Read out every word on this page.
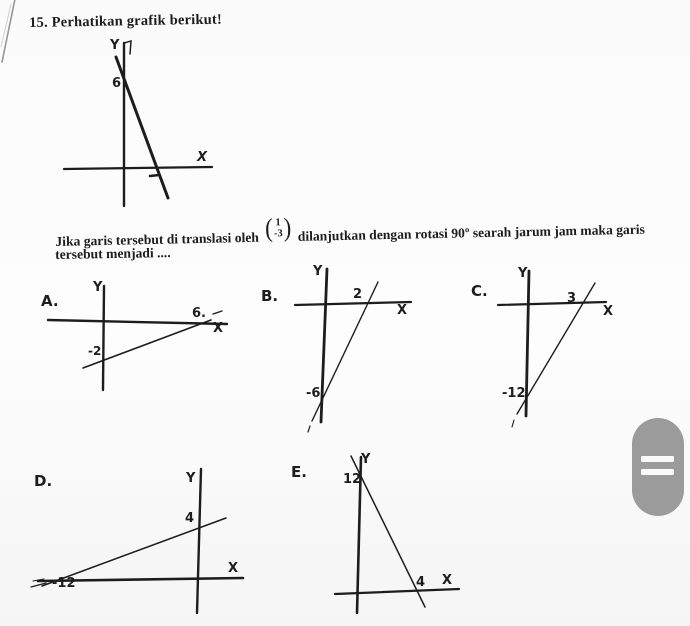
15. Perhatikan grafik berikut!
Jika garis tersebut di translasi oleh ( 1
-3 ) dilanjutkan dengan rotasi 90º searah jarum jam maka garis
tersebut menjadi ....
Y
X
6
A.
Y
X
6.
-2
B.
Y
X
2
-6
C.
Y
X
3
-12
D.	Y
X
4
-12
E.
Y
X
12
4
